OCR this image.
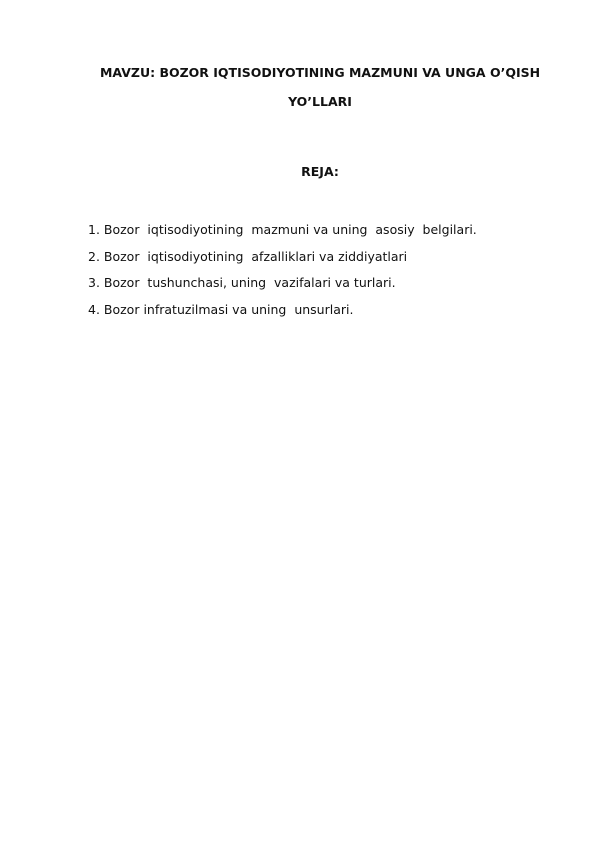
MAVZU: BOZOR IQTISODIYOTINING MAZMUNI VA UNGA O’QISH
YO’LLARI
REJA:
1. Bozor  iqtisodiyotining  mazmuni va uning  asosiy  belgilari.
2. Bozor  iqtisodiyotining  afzalliklari va ziddiyatlari
3. Bozor  tushunchasi, uning  vazifalari va turlari.
4. Bozor infratuzilmasi va uning  unsurlari.
